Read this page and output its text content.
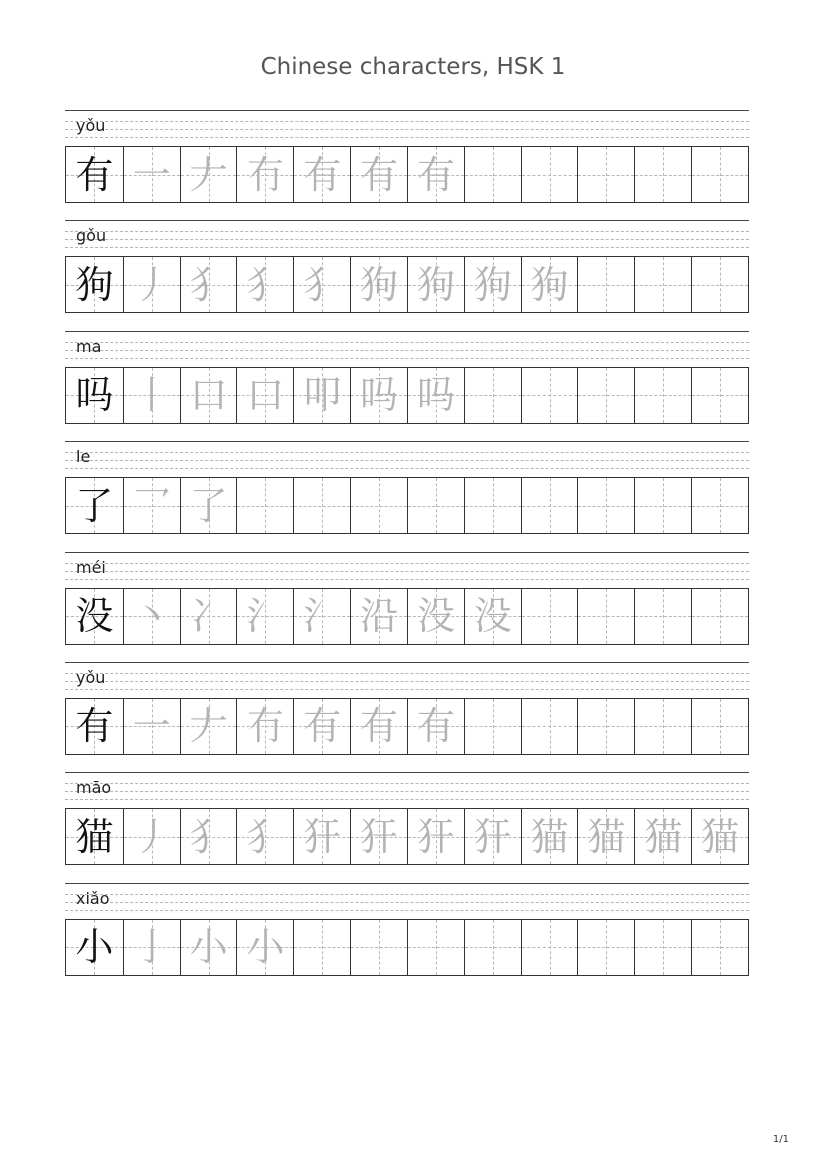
Chinese characters, HSK 1
yǒu
有 一 𠂇 冇 有 有 有
gǒu
狗 丿 犭 犭 犭 狗 狗 狗 狗
ma
吗 丨 口 口 叩 吗 吗
le
了 乛 了
méi
没 丶 冫 氵 氵 沿 没 没
yǒu
有 一 𠂇 冇 有 有 有
māo
猫 丿 犭 犭 犴 犴 犴 犴 猫 猫 猫 猫
xiǎo
小 亅 小 小
1/1
